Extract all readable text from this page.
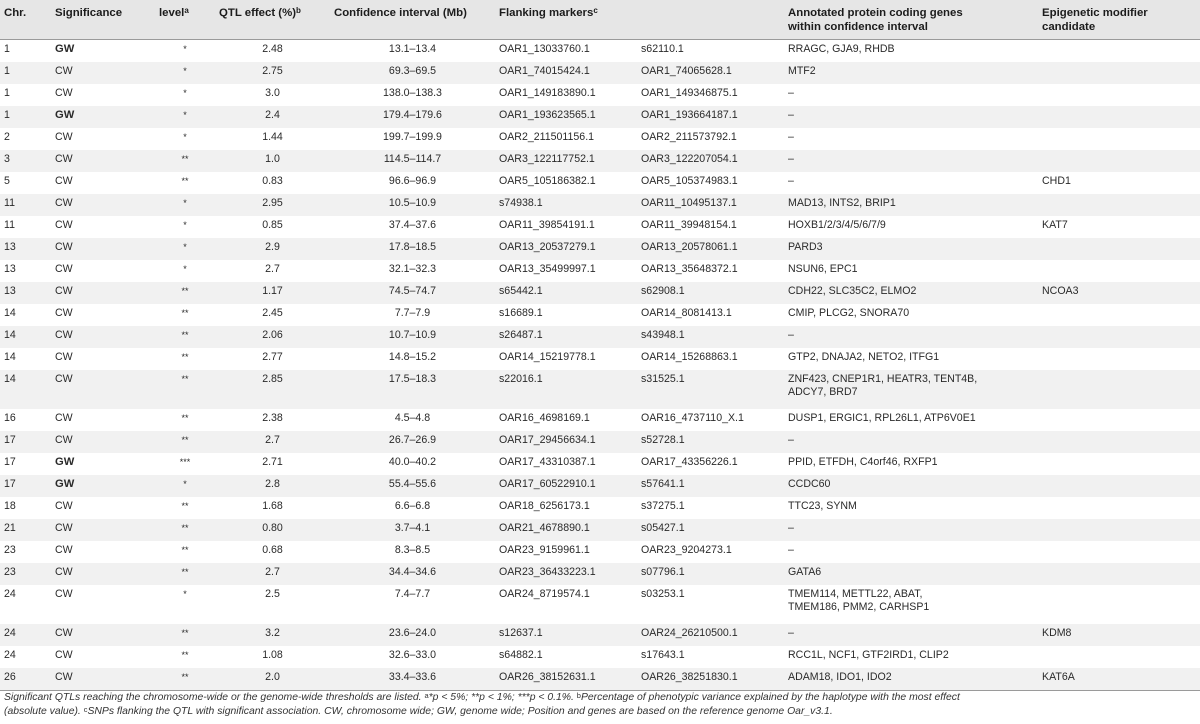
Chr.	Significance	level$^a$	QTL effect (%)$^b$	Confidence interval (Mb)	Flanking markers$^c$		Annotated protein coding genes
within confidence interval	Epigenetic modifier
candidate
1	GW	*	2.48	13.1–13.4	OAR1_13033760.1	s62110.1	RRAGC, GJA9, RHDB	
1	CW	*	2.75	69.3–69.5	OAR1_74015424.1	OAR1_74065628.1	MTF2	
1	CW	*	3.0	138.0–138.3	OAR1_149183890.1	OAR1_149346875.1	–	
1	GW	*	2.4	179.4–179.6	OAR1_193623565.1	OAR1_193664187.1	–	
2	CW	*	1.44	199.7–199.9	OAR2_211501156.1	OAR2_211573792.1	–	
3	CW	**	1.0	114.5–114.7	OAR3_122117752.1	OAR3_122207054.1	–	
5	CW	**	0.83	96.6–96.9	OAR5_105186382.1	OAR5_105374983.1	–	CHD1
11	CW	*	2.95	10.5–10.9	s74938.1	OAR11_10495137.1	MAD13, INTS2, BRIP1	
11	CW	*	0.85	37.4–37.6	OAR11_39854191.1	OAR11_39948154.1	HOXB1/2/3/4/5/6/7/9	KAT7
13	CW	*	2.9	17.8–18.5	OAR13_20537279.1	OAR13_20578061.1	PARD3	
13	CW	*	2.7	32.1–32.3	OAR13_35499997.1	OAR13_35648372.1	NSUN6, EPC1	
13	CW	**	1.17	74.5–74.7	s65442.1	s62908.1	CDH22, SLC35C2, ELMO2	NCOA3
14	CW	**	2.45	7.7–7.9	s16689.1	OAR14_8081413.1	CMIP, PLCG2, SNORA70	
14	CW	**	2.06	10.7–10.9	s26487.1	s43948.1	–	
14	CW	**	2.77	14.8–15.2	OAR14_15219778.1	OAR14_15268863.1	GTP2, DNAJA2, NETO2, ITFG1	
14	CW	**	2.85	17.5–18.3	s22016.1	s31525.1	ZNF423, CNEP1R1, HEATR3, TENT4B,
ADCY7, BRD7	
16	CW	**	2.38	4.5–4.8	OAR16_4698169.1	OAR16_4737110_X.1	DUSP1, ERGIC1, RPL26L1, ATP6V0E1	
17	CW	**	2.7	26.7–26.9	OAR17_29456634.1	s52728.1	–	
17	GW	***	2.71	40.0–40.2	OAR17_43310387.1	OAR17_43356226.1	PPID, ETFDH, C4orf46, RXFP1	
17	GW	*	2.8	55.4–55.6	OAR17_60522910.1	s57641.1	CCDC60	
18	CW	**	1.68	6.6–6.8	OAR18_6256173.1	s37275.1	TTC23, SYNM	
21	CW	**	0.80	3.7–4.1	OAR21_4678890.1	s05427.1	–	
23	CW	**	0.68	8.3–8.5	OAR23_9159961.1	OAR23_9204273.1	–	
23	CW	**	2.7	34.4–34.6	OAR23_36433223.1	s07796.1	GATA6	
24	CW	*	2.5	7.4–7.7	OAR24_8719574.1	s03253.1	TMEM114, METTL22, ABAT,
TMEM186, PMM2, CARHSP1	
24	CW	**	3.2	23.6–24.0	s12637.1	OAR24_26210500.1	–	KDM8
24	CW	**	1.08	32.6–33.0	s64882.1	s17643.1	RCC1L, NCF1, GTF2IRD1, CLIP2	
26	CW	**	2.0	33.4–33.6	OAR26_38152631.1	OAR26_38251830.1	ADAM18, IDO1, IDO2	KAT6A
Significant QTLs reaching the chromosome-wide or the genome-wide thresholds are listed. $^a$*p < 5%; **p < 1%; ***p < 0.1%. $^b$Percentage of phenotypic variance explained by the haplotype with the most effect
(absolute value). $^c$SNPs flanking the QTL with significant association. CW, chromosome wide; GW, genome wide; Position and genes are based on the reference genome Oar_v3.1.
